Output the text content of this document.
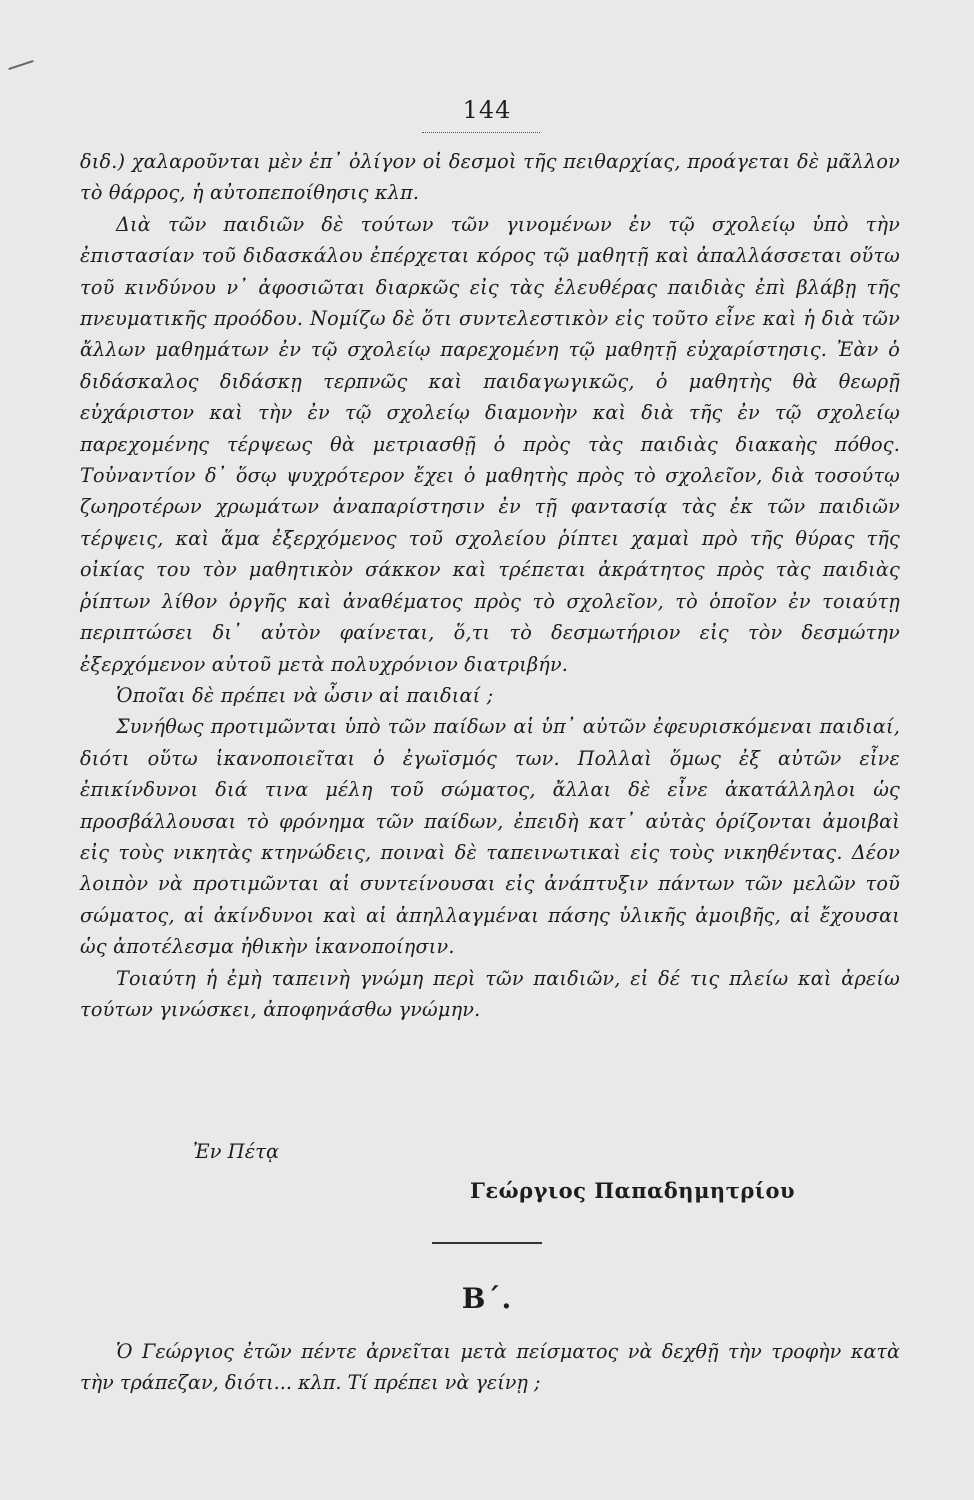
144

διδ.) χαλαροῦνται μὲν ἐπ᾽ ὀλίγον οἱ δεσμοὶ τῆς πειθαρχίας, προάγεται δὲ μᾶλλον τὸ θάρρος, ἡ αὐτοπεποίθησις κλπ.

Διὰ τῶν παιδιῶν δὲ τούτων τῶν γινομένων ἐν τῷ σχολείῳ ὑπὸ τὴν ἐπιστασίαν τοῦ διδασκάλου ἐπέρχεται κόρος τῷ μαθητῇ καὶ ἀπαλλάσσεται οὕτω τοῦ κινδύνου ν᾽ ἀφοσιῶται διαρκῶς εἰς τὰς ἐλευθέρας παιδιὰς ἐπὶ βλάβῃ τῆς πνευματικῆς προόδου. Νομίζω δὲ ὅτι συντελεστικὸν εἰς τοῦτο εἶνε καὶ ἡ διὰ τῶν ἄλλων μαθημάτων ἐν τῷ σχολείῳ παρεχομένη τῷ μαθητῇ εὐχαρίστησις. Ἐὰν ὁ διδάσκαλος διδάσκῃ τερπνῶς καὶ παιδαγωγικῶς, ὁ μαθητὴς θὰ θεωρῇ εὐχάριστον καὶ τὴν ἐν τῷ σχολείῳ διαμονὴν καὶ διὰ τῆς ἐν τῷ σχολείῳ παρεχομένης τέρψεως θὰ μετριασθῇ ὁ πρὸς τὰς παιδιὰς διακαὴς πόθος. Τοὐναντίον δ᾽ ὅσῳ ψυχρότερον ἔχει ὁ μαθητὴς πρὸς τὸ σχολεῖον, διὰ τοσούτῳ ζωηροτέρων χρωμάτων ἀναπαρίστησιν ἐν τῇ φαντασίᾳ τὰς ἐκ τῶν παιδιῶν τέρψεις, καὶ ἅμα ἐξερχόμενος τοῦ σχολείου ῥίπτει χαμαὶ πρὸ τῆς θύρας τῆς οἰκίας του τὸν μαθητικὸν σάκκον καὶ τρέπεται ἀκράτητος πρὸς τὰς παιδιὰς ῥίπτων λίθον ὀργῆς καὶ ἀναθέματος πρὸς τὸ σχολεῖον, τὸ ὁποῖον ἐν τοιαύτῃ περιπτώσει δι᾽ αὐτὸν φαίνεται, ὅ,τι τὸ δεσμωτήριον εἰς τὸν δεσμώτην ἐξερχόμενον αὐτοῦ μετὰ πολυχρόνιον διατριβήν.

Ὁποῖαι δὲ πρέπει νὰ ὦσιν αἱ παιδιαί ;

Συνήθως προτιμῶνται ὑπὸ τῶν παίδων αἱ ὑπ᾽ αὐτῶν ἐφευρισκόμεναι παιδιαί, διότι οὕτω ἱκανοποιεῖται ὁ ἐγωϊσμός των. Πολλαὶ ὅμως ἐξ αὐτῶν εἶνε ἐπικίνδυνοι διά τινα μέλη τοῦ σώματος, ἄλλαι δὲ εἶνε ἀκατάλληλοι ὡς προσβάλλουσαι τὸ φρόνημα τῶν παίδων, ἐπειδὴ κατ᾽ αὐτὰς ὁρίζονται ἀμοιβαὶ εἰς τοὺς νικητὰς κτηνώδεις, ποιναὶ δὲ ταπεινωτικαὶ εἰς τοὺς νικηθέντας. Δέον λοιπὸν νὰ προτιμῶνται αἱ συντείνουσαι εἰς ἀνάπτυξιν πάντων τῶν μελῶν τοῦ σώματος, αἱ ἀκίνδυνοι καὶ αἱ ἀπηλλαγμέναι πάσης ὑλικῆς ἀμοιβῆς, αἱ ἔχουσαι ὡς ἀποτέλεσμα ἠθικὴν ἱκανοποίησιν.

Τοιαύτη ἡ ἐμὴ ταπεινὴ γνώμη περὶ τῶν παιδιῶν, εἰ δέ τις πλείω καὶ ἀρείω τούτων γινώσκει, ἀποφηνάσθω γνώμην.

Ἐν Πέτᾳ
Γεώργιος Παπαδημητρίου
Β΄.

Ὁ Γεώργιος ἐτῶν πέντε ἀρνεῖται μετὰ πείσματος νὰ δεχθῇ τὴν τροφὴν κατὰ τὴν τράπεζαν, διότι... κλπ. Τί πρέπει νὰ γείνῃ ;
